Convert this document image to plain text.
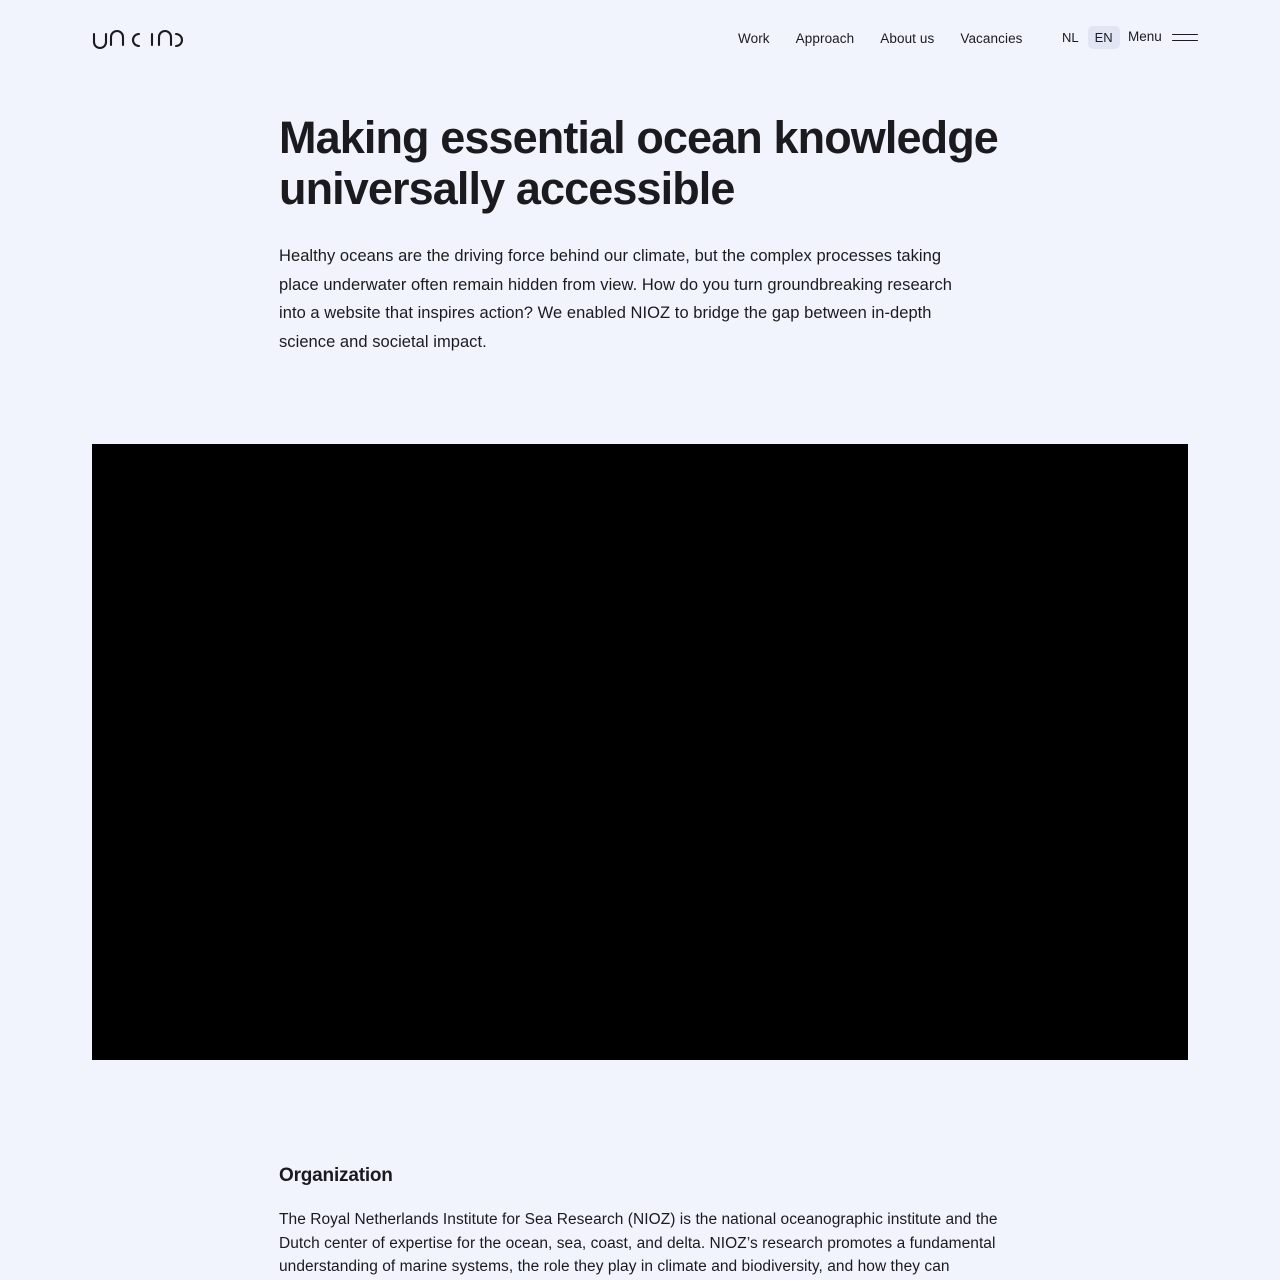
Work Approach About us Vacancies	NL	EN	Menu
Making essential ocean knowledge universally accessible

Healthy oceans are the driving force behind our climate, but the complex processes taking place underwater often remain hidden from view. How do you turn groundbreaking research into a website that inspires action? We enabled NIOZ to bridge the gap between in-depth science and societal impact.

Organization

The Royal Netherlands Institute for Sea Research (NIOZ) is the national oceanographic institute and the Dutch center of expertise for the ocean, sea, coast, and delta. NIOZ’s research promotes a fundamental understanding of marine systems, the role they play in climate and biodiversity, and how they can
